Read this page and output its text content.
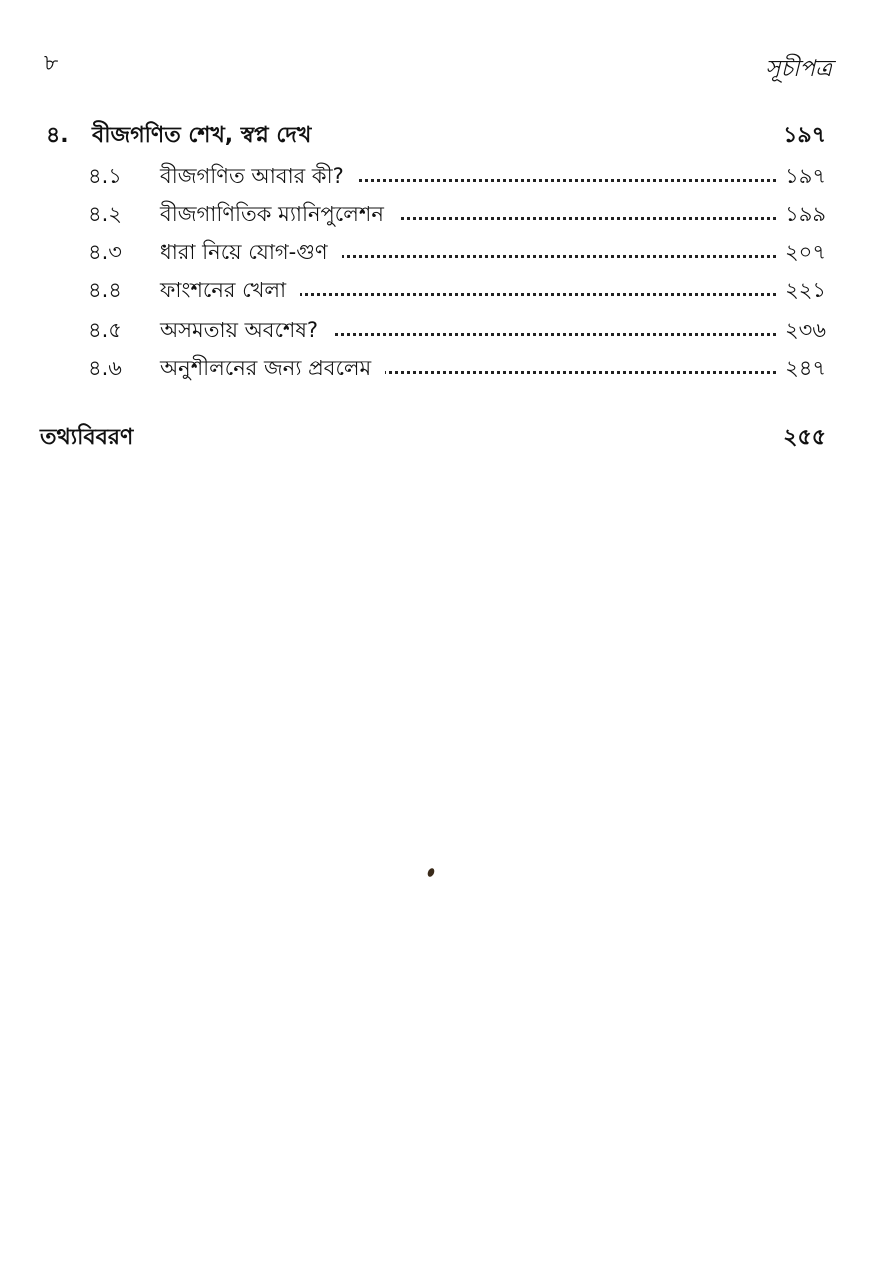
৮	সূচীপত্র
৪. বীজগণিত শেখ, স্বপ্ন দেখ	১৯৭
৪.১ বীজগণিত আবার কী?	১৯৭
৪.২ বীজগাণিতিক ম্যানিপুলেশন	১৯৯
৪.৩ ধারা নিয়ে যোগ-গুণ	২০৭
৪.৪ ফাংশনের খেলা	২২১
৪.৫ অসমতায় অবশেষ?	২৩৬
৪.৬ অনুশীলনের জন্য প্রবলেম	২৪৭
তথ্যবিবরণ	২৫৫
